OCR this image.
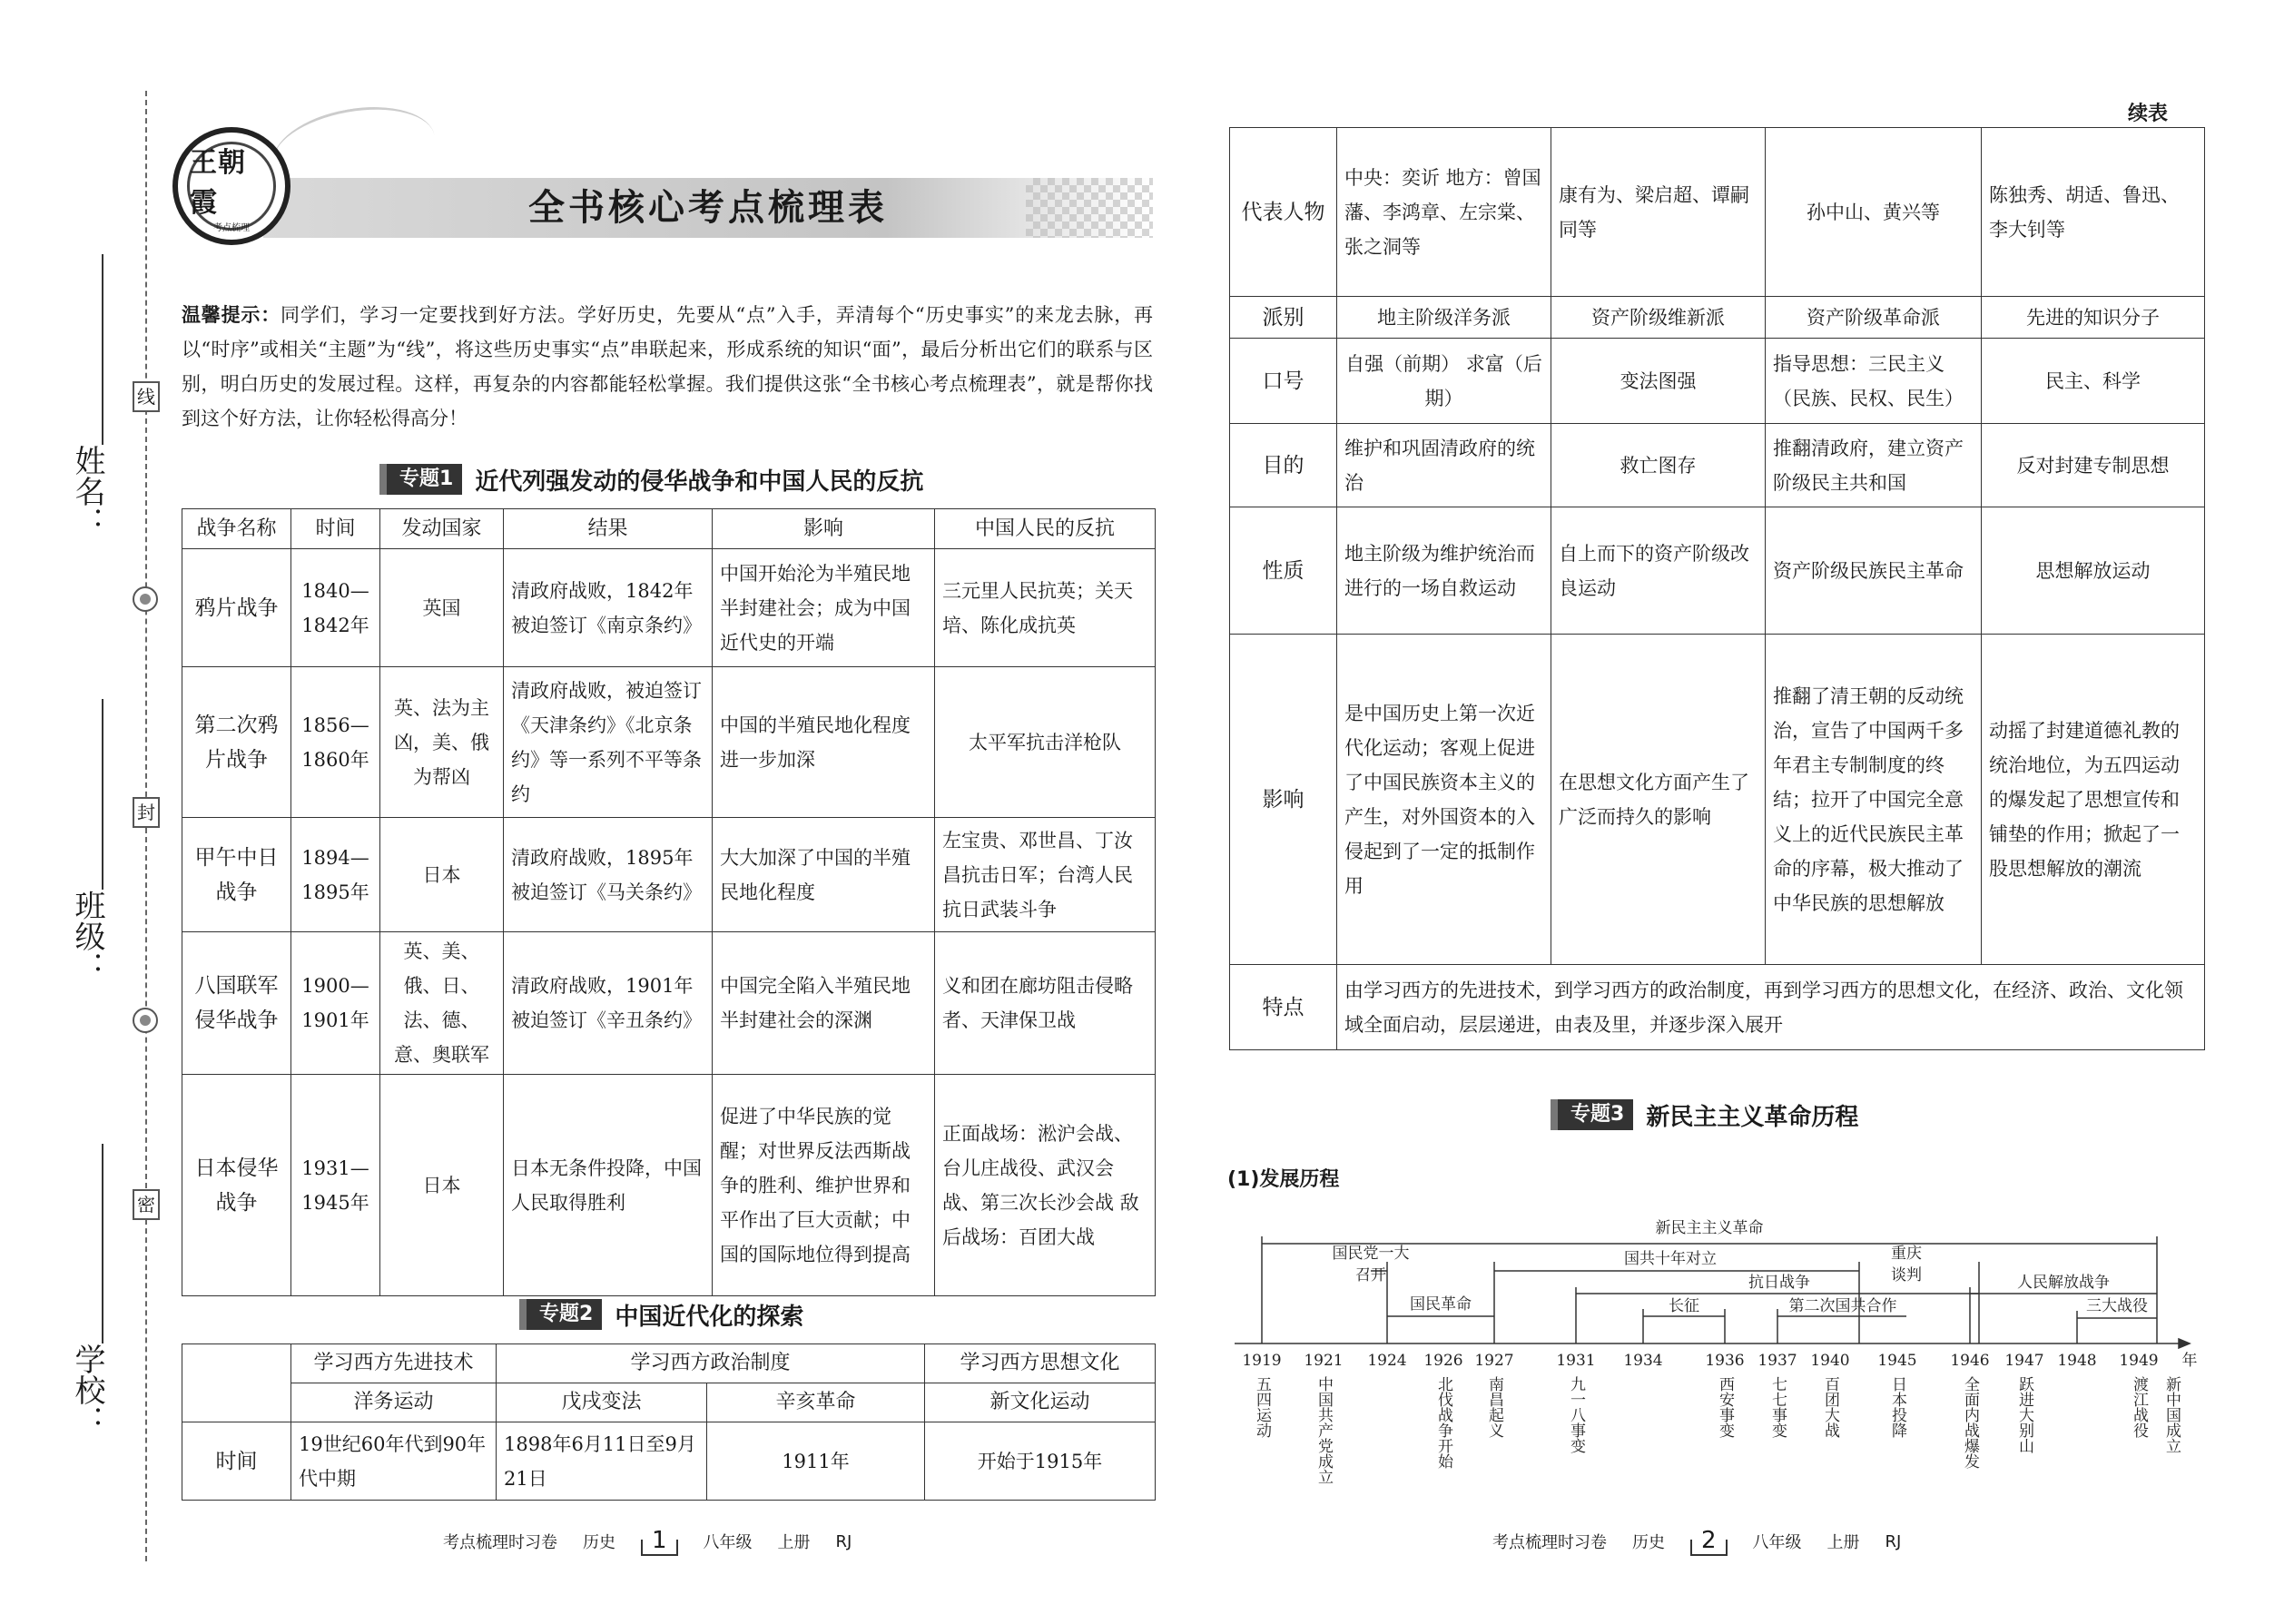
线
封
密
姓名：
班级：
学校：
全书核心考点梳理表
王朝霞
考点梳理
温馨提示：同学们，学习一定要找到好方法。学好历史，先要从“点”入手，弄清每个“历史事实”的来龙去脉，再以“时序”或相关“主题”为“线”，将这些历史事实“点”串联起来，形成系统的知识“面”，最后分析出它们的联系与区别，明白历史的发展过程。这样，再复杂的内容都能轻松掌握。我们提供这张“全书核心考点梳理表”，就是帮你找到这个好方法，让你轻松得高分！
专题1 近代列强发动的侵华战争和中国人民的反抗
战争名称	时间	发动国家	结果	影响	中国人民的反抗
鸦片战争	1840—1842年	英国	清政府战败，1842年被迫签订《南京条约》	中国开始沦为半殖民地半封建社会；成为中国近代史的开端	三元里人民抗英；关天培、陈化成抗英
第二次鸦片战争	1856—1860年	英、法为主凶，美、俄为帮凶	清政府战败，被迫签订《天津条约》《北京条约》等一系列不平等条约	中国的半殖民地化程度进一步加深	太平军抗击洋枪队
甲午中日战争	1894—1895年	日本	清政府战败，1895年被迫签订《马关条约》	大大加深了中国的半殖民地化程度	左宝贵、邓世昌、丁汝昌抗击日军；台湾人民抗日武装斗争
八国联军侵华战争	1900—1901年	英、美、俄、日、法、德、意、奥联军	清政府战败，1901年被迫签订《辛丑条约》	中国完全陷入半殖民地半封建社会的深渊	义和团在廊坊阻击侵略者、天津保卫战
日本侵华战争	1931—1945年	日本	日本无条件投降，中国人民取得胜利	促进了中华民族的觉醒；对世界反法西斯战争的胜利、维护世界和平作出了巨大贡献；中国的国际地位得到提高	正面战场：淞沪会战、台儿庄战役、武汉会战、第三次长沙会战 敌后战场：百团大战
专题2 中国近代化的探索
	学习西方先进技术	学习西方政治制度		学习西方思想文化
	洋务运动	戊戌变法	辛亥革命	新文化运动
时间	19世纪60年代到90年代中期	1898年6月11日至9月21日	1911年	开始于1915年
考点梳理时习卷 历史	1	八年级 上册 RJ
续表
代表人物	中央：奕䜣 地方：曾国藩、李鸿章、左宗棠、张之洞等	康有为、梁启超、谭嗣同等	孙中山、黄兴等	陈独秀、胡适、鲁迅、李大钊等
派别	地主阶级洋务派	资产阶级维新派	资产阶级革命派	先进的知识分子
口号	自强（前期） 求富（后期）	变法图强	指导思想：三民主义（民族、民权、民生）	民主、科学
目的	维护和巩固清政府的统治	救亡图存	推翻清政府，建立资产阶级民主共和国	反对封建专制思想
性质	地主阶级为维护统治而进行的一场自救运动	自上而下的资产阶级改良运动	资产阶级民族民主革命	思想解放运动
影响	是中国历史上第一次近代化运动；客观上促进了中国民族资本主义的产生，对外国资本的入侵起到了一定的抵制作用	在思想文化方面产生了广泛而持久的影响	推翻了清王朝的反动统治，宣告了中国两千多年君主专制制度的终结；拉开了中国完全意义上的近代民族民主革命的序幕，极大推动了中华民族的思想解放	动摇了封建道德礼教的统治地位，为五四运动的爆发起了思想宣传和铺垫的作用；掀起了一股思想解放的潮流
特点	由学习西方的先进技术，到学习西方的政治制度，再到学习西方的思想文化，在经济、政治、文化领域全面启动，层层递进，由表及里，并逐步深入展开			
专题3 新民主主义革命历程
(1)发展历程
新民主主义革命
国民党一大
召开
国共十年对立	重庆
谈判
国民革命
抗日战争
长征	第二次国共合作
人民解放战争
三大战役
1919 1921 1924 1926 1927	1931 1934	1936 1937 1940 1945 1946 1947 1948 1949 年
五四运动	中国共产党成立	北伐战争开始 南昌起义	九一八事变	西安事变 七七事变 百团大战	日本投降	全面内战爆发 跃进大别山	渡江战役 新中国成立
考点梳理时习卷 历史	2	八年级 上册 RJ
